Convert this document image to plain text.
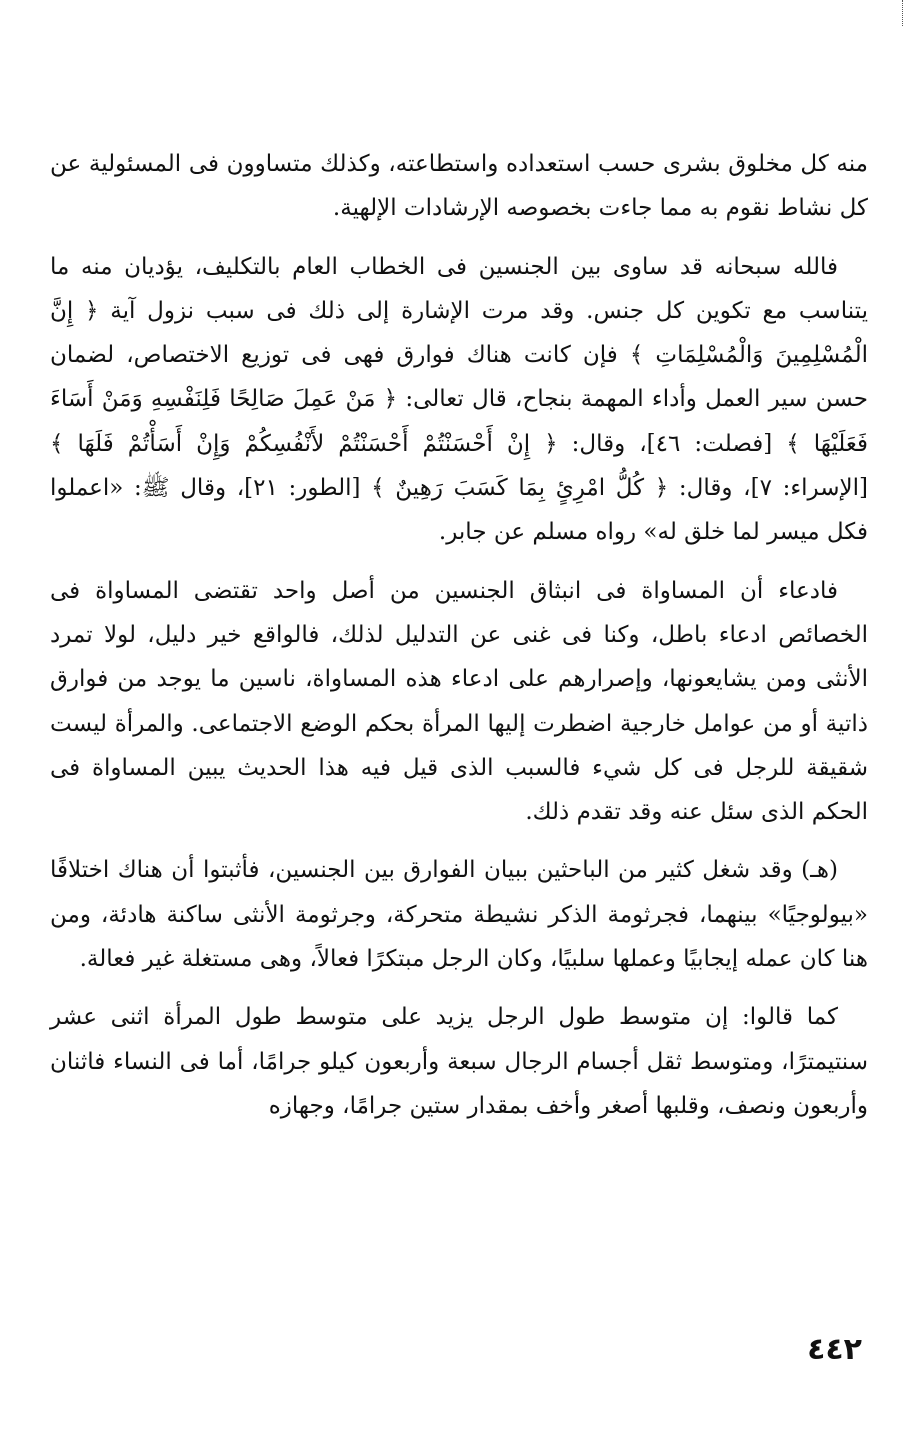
منه كل مخلوق بشرى حسب استعداده واستطاعته، وكذلك متساوون فى المسئولية عن كل نشاط نقوم به مما جاءت بخصوصه الإرشادات الإلهية.

فالله سبحانه قد ساوى بين الجنسين فى الخطاب العام بالتكليف، يؤديان منه ما يتناسب مع تكوين كل جنس. وقد مرت الإشارة إلى ذلك فى سبب نزول آية ﴿ إِنَّ الْمُسْلِمِينَ وَالْمُسْلِمَاتِ ﴾ فإن كانت هناك فوارق فهى فى توزيع الاختصاص، لضمان حسن سير العمل وأداء المهمة بنجاح، قال تعالى: ﴿ مَنْ عَمِلَ صَالِحًا فَلِنَفْسِهِ وَمَنْ أَسَاءَ فَعَلَيْهَا ﴾ [فصلت: ٤٦]، وقال: ﴿ إِنْ أَحْسَنْتُمْ أَحْسَنْتُمْ لأَنْفُسِكُمْ وَإِنْ أَسَأْتُمْ فَلَهَا ﴾ [الإسراء: ٧]، وقال: ﴿ كُلُّ امْرِئٍ بِمَا كَسَبَ رَهِينٌ ﴾ [الطور: ٢١]، وقال ﷺ: «اعملوا فكل ميسر لما خلق له» رواه مسلم عن جابر.

فادعاء أن المساواة فى انبثاق الجنسين من أصل واحد تقتضى المساواة فى الخصائص ادعاء باطل، وكنا فى غنى عن التدليل لذلك، فالواقع خير دليل، لولا تمرد الأنثى ومن يشايعونها، وإصرارهم على ادعاء هذه المساواة، ناسين ما يوجد من فوارق ذاتية أو من عوامل خارجية اضطرت إليها المرأة بحكم الوضع الاجتماعى. والمرأة ليست شقيقة للرجل فى كل شيء فالسبب الذى قيل فيه هذا الحديث يبين المساواة فى الحكم الذى سئل عنه وقد تقدم ذلك.

(هـ) وقد شغل كثير من الباحثين ببيان الفوارق بين الجنسين، فأثبتوا أن هناك اختلافًا «بيولوجيًا» بينهما، فجرثومة الذكر نشيطة متحركة، وجرثومة الأنثى ساكنة هادئة، ومن هنا كان عمله إيجابيًا وعملها سلبيًا، وكان الرجل مبتكرًا فعالاً، وهى مستغلة غير فعالة.

كما قالوا: إن متوسط طول الرجل يزيد على متوسط طول المرأة اثنى عشر سنتيمترًا، ومتوسط ثقل أجسام الرجال سبعة وأربعون كيلو جرامًا، أما فى النساء فاثنان وأربعون ونصف، وقلبها أصغر وأخف بمقدار ستين جرامًا، وجهازه

٤٤٢
